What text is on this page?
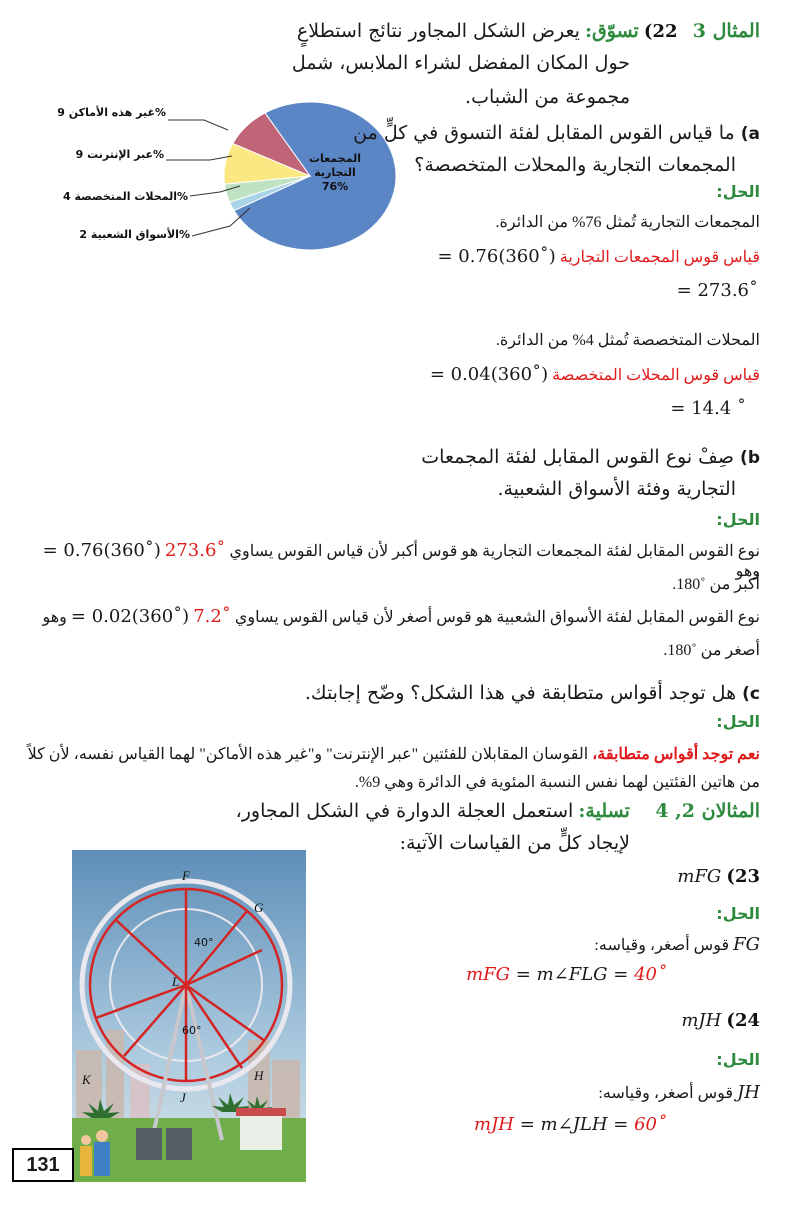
المثال 3   22) تسوّق: يعرض الشكل المجاور نتائج استطلاعٍ
حول المكان المفضل لشراء الملابس، شمل
مجموعة من الشباب.
غير هذه الأماكن 9%
عبر الإنترنت 9%
المحلات المتخصصة 4%
الأسواق الشعبية 2%
المجمعات
التجارية
76%
a) ما قياس القوس المقابل لفئة التسوق في كلٍّ من
المجمعات التجارية والمحلات المتخصصة؟
الحل:
المجمعات التجارية تُمثل 76% من الدائرة.
قياس قوس المجمعات التجارية = 0.76(360˚)
= 273.6˚
المحلات المتخصصة تُمثل 4% من الدائرة.
قياس قوس المحلات المتخصصة = 0.04(360˚)
= 14.4 ˚
b) صِفْ نوع القوس المقابل لفئة المجمعات
التجارية وفئة الأسواق الشعبية.
الحل:
نوع القوس المقابل لفئة المجمعات التجارية هو قوس أكبر لأن قياس القوس يساوي 273.6˚ = 0.76(360˚) وهو
أكبر من ˚180.
نوع القوس المقابل لفئة الأسواق الشعبية هو قوس أصغر لأن قياس القوس يساوي 7.2˚ = 0.02(360˚) وهو
أصغر من ˚180.
c) هل توجد أقواس متطابقة في هذا الشكل؟ وضّح إجابتك.
الحل:
نعم توجد أقواس متطابقة، القوسان المقابلان للفئتين "عبر الإنترنت" و"غير هذه الأماكن" لهما القياس نفسه، لأن كلاً
من هاتين الفئتين لهما نفس النسبة المئوية في الدائرة وهي 9%.
المثالان 2, 4     تسلية: استعمل العجلة الدوارة في الشكل المجاور،
لإيجاد كلٍّ من القياسات الآتية:
F
G
L
K	H
J
40°
60°
23) mFG
الحل:
FG قوس أصغر، وقياسه:
mFG = m∠FLG = 40˚
24) mJH
الحل:
JH قوس أصغر، وقياسه:
mJH = m∠JLH = 60˚
131
